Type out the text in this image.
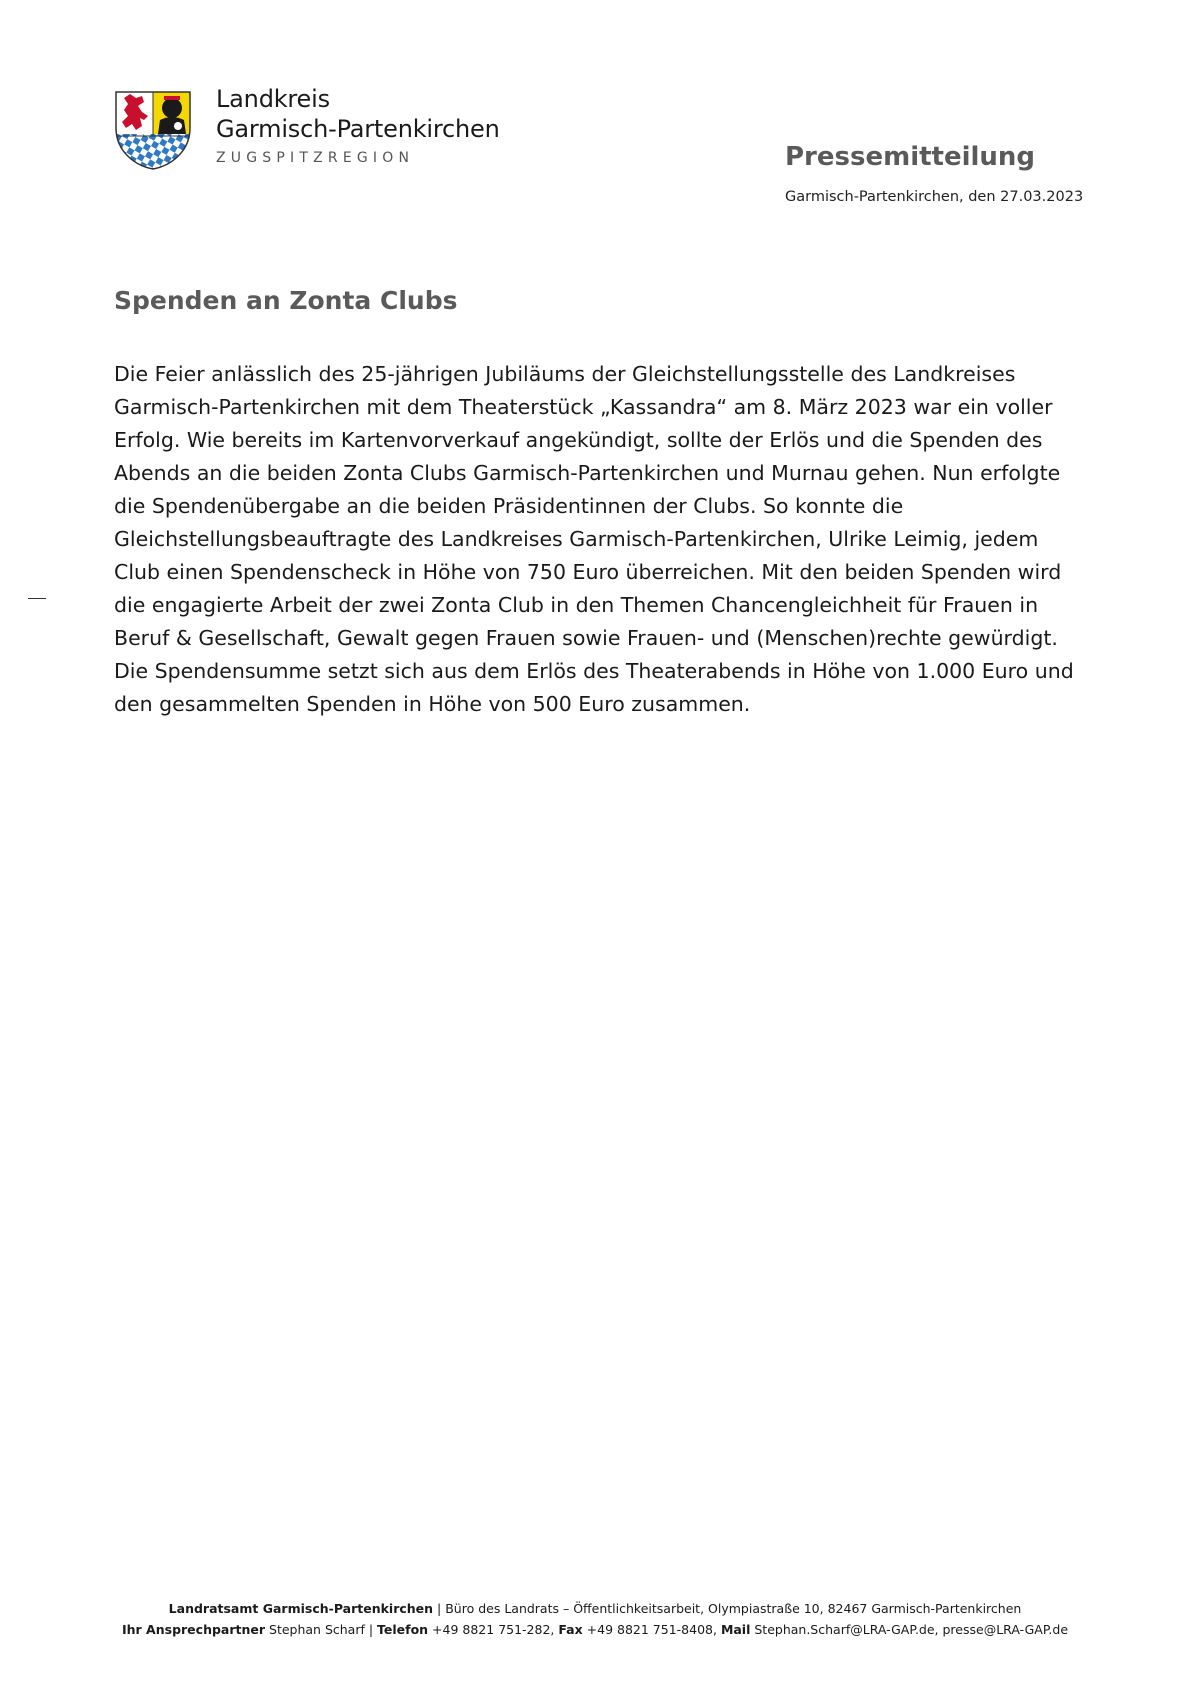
Landkreis
Garmisch-Partenkirchen
ZUGSPITZREGION	Pressemitteilung
Garmisch-Partenkirchen, den 27.03.2023
Spenden an Zonta Clubs

Die Feier anlässlich des 25-jährigen Jubiläums der Gleichstellungsstelle des Landkreises Garmisch-Partenkirchen mit dem Theaterstück „Kassandra“ am 8. März 2023 war ein voller Erfolg. Wie bereits im Kartenvorverkauf angekündigt, sollte der Erlös und die Spenden des Abends an die beiden Zonta Clubs Garmisch-Partenkirchen und Murnau gehen. Nun erfolgte die Spendenübergabe an die beiden Präsidentinnen der Clubs. So konnte die Gleichstellungsbeauftragte des Landkreises Garmisch-Partenkirchen, Ulrike Leimig, jedem Club einen Spendenscheck in Höhe von 750 Euro überreichen. Mit den beiden Spenden wird die engagierte Arbeit der zwei Zonta Club in den Themen Chancengleichheit für Frauen in Beruf & Gesellschaft, Gewalt gegen Frauen sowie Frauen- und (Menschen)rechte gewürdigt. Die Spendensumme setzt sich aus dem Erlös des Theaterabends in Höhe von 1.000 Euro und den gesammelten Spenden in Höhe von 500 Euro zusammen.

Landratsamt Garmisch-Partenkirchen | Büro des Landrats – Öffentlichkeitsarbeit, Olympiastraße 10, 82467 Garmisch-Partenkirchen
Ihr Ansprechpartner Stephan Scharf | Telefon +49 8821 751-282, Fax +49 8821 751-8408, Mail Stephan.Scharf@LRA-GAP.de, presse@LRA-GAP.de
